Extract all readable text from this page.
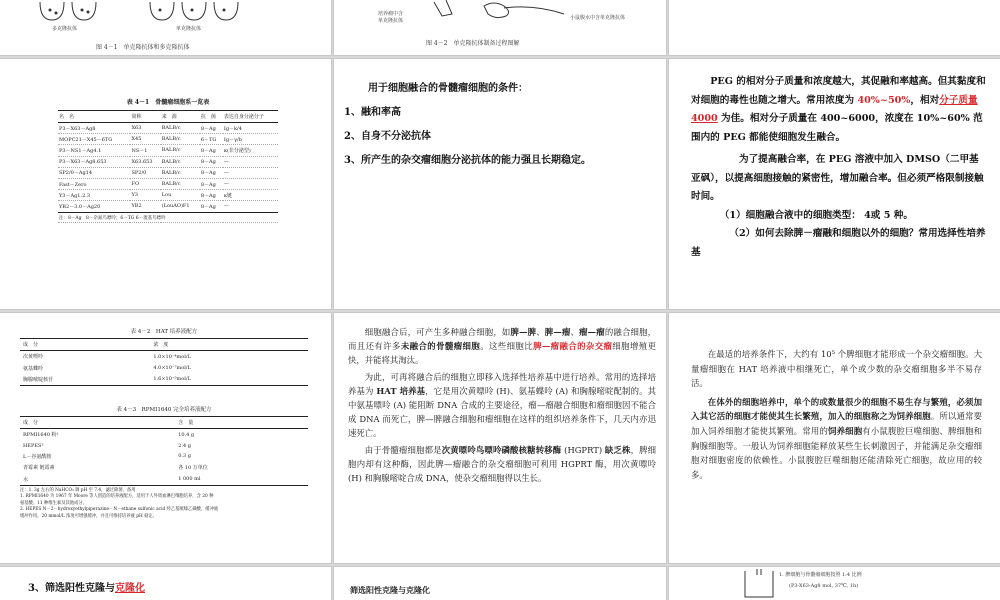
多克隆抗体	单克隆抗体
图 4－1　单克隆抗体和多克隆抗体
培养瘤中含
单克隆抗体	小鼠腹水中含单克隆抗体
图 4－2　单克隆抗体制备过程图解
表 4－1　骨髓瘤细胞系一览表
名　名	简称	来　源	抗　菌	表达自身分泌分子
P3－X63－Ag8	X63	BALB/c	8－Ag	Ig－k/4
MOPC21－X45－6TG	X45	BALB/c	6－TG	Ig－γ/b
P3－NS1－Ag4.1	NS－1	BALB/c	8－Ag	κ(非分泌型)
P3－X63－Ag8.653	X63.653	BALB/c	8－Ag	—
SP2/0－Ag14	SP2/0	BALB/c	8－Ag	—
Fast－Zero	FO	BALB/c	8－Ag	—
Y3－Ag1.2.3	Y3	Lou	8－Ag	κ链
YB2－3.0－Ag20	YB2	(LouAO)F1	8－Ag	—
注：8－Ag　8－杂氮鸟嘌呤；6－TG 6－巯基鸟嘌呤				
用于细胞融合的骨髓瘤细胞的条件：
1、融和率高
2、自身不分泌抗体
3、所产生的杂交瘤细胞分泌抗体的能力强且长期稳定。

PEG 的相对分子质量和浓度越大，其促融和率越高。但其黏度和对细胞的毒性也随之增大。常用浓度为 40%~50%，相对分子质量 4000 为佳。相对分子质量在 400~6000，浓度在 10%~60% 范围内的 PEG 都能使细胞发生融合。

为了提高融合率，在 PEG 溶液中加入 DMSO（二甲基亚砜），以提高细胞接触的紧密性，增加融合率。但必须严格限制接触时间。

（1）细胞融合液中的细胞类型： 4或 5 种。

（2）如何去除脾－瘤融和细胞以外的细胞？常用选择性培养基

表 4－2　HAT 培养液配方
成　分	浓　度
次黄嘌呤	1.0×10⁻⁴mol/L
氨基蝶呤	4.0×10⁻⁷mol/L
胸腺嘧啶核苷	1.6×10⁻⁵mol/L
表 4－3　RPMI1640 完全培养液配方
成　分	含　量
RPMI1640 粉¹	10.4 g
HEPES²	2.4 g
L－谷氨酰胺	0.3 g
青霉素 链霉素	各 10 万单位
水	1 000 ml
注：1. 3g 左右的 NaHCO₃ 调 pH 至 7.4，滤过除菌，备用
1. RPMI1640 为 1967 年 Moore 等人创造的培养液配方，适用于人外周血淋巴细胞培养，含 20 种
氨基酸、11 种维生素及其他成分。
2. HEPES N－2－hydroxyethylpiperazine－N－ethane sulfonic acid 羟乙基哌嗪乙磺酸，缓冲液
缓冲作用。20 mmol/L 浓度可增强缓冲，并且可维持培养液 pH 稳定。

细胞融合后，可产生多种融合细胞，如脾—脾、脾—瘤、瘤—瘤的融合细胞，而且还有许多未融合的骨髓瘤细胞。这些细胞比脾—瘤融合的杂交瘤细胞增殖更快，并能将其淘汰。

为此，可再将融合后的细胞立即移入选择性培养基中进行培养。常用的选择培养基为 HAT 培养基，它是用次黄嘌呤 (H)、氨基蝶呤 (A) 和胸腺嘧啶配制的。其中氨基嘌呤 (A) 能阻断 DNA 合成的主要途径，瘤—瘤融合细胞和瘤细胞因不能合成 DNA 而死亡，脾—脾融合细胞和瘤细胞在这样的组织培养条件下，几天内亦迅速死亡。

由于骨髓瘤细胞都是次黄嘌呤鸟嘌呤磷酸核糖转移酶 (HGPRT) 缺乏株，脾细胞内却有这种酶，因此脾—瘤融合的杂交瘤细胞可利用 HGPRT 酶，用次黄嘌呤 (H) 和胸腺嘧啶合成 DNA，使杂交瘤细胞得以生长。

在最适的培养条件下，大约有 10⁵ 个脾细胞才能形成一个杂交瘤细胞。大量瘤细胞在 HAT 培养液中相继死亡，单个或少数的杂交瘤细胞多半不易存活。

在体外的细胞培养中，单个的或数量很少的细胞不易生存与繁殖，必须加入其它活的细胞才能使其生长繁殖，加入的细胞称之为饲养细胞。所以通常要加入饲养细胞才能使其繁殖。常用的饲养细胞有小鼠腹腔巨噬细胞、脾细胞和胸腺细胞等。一般认为饲养细胞能释放某些生长刺激因子，并能满足杂交瘤细胞对细胞密度的依赖性。小鼠腹腔巨噬细胞还能清除死亡细胞，故应用的较多。

3、筛选阳性克隆与克隆化	筛选阳性克隆与克隆化
1. 脾细胞与骨髓瘤细胞按照 1:4 比例
(P3-X63-Ag8 mol, 37℃, 1h)
